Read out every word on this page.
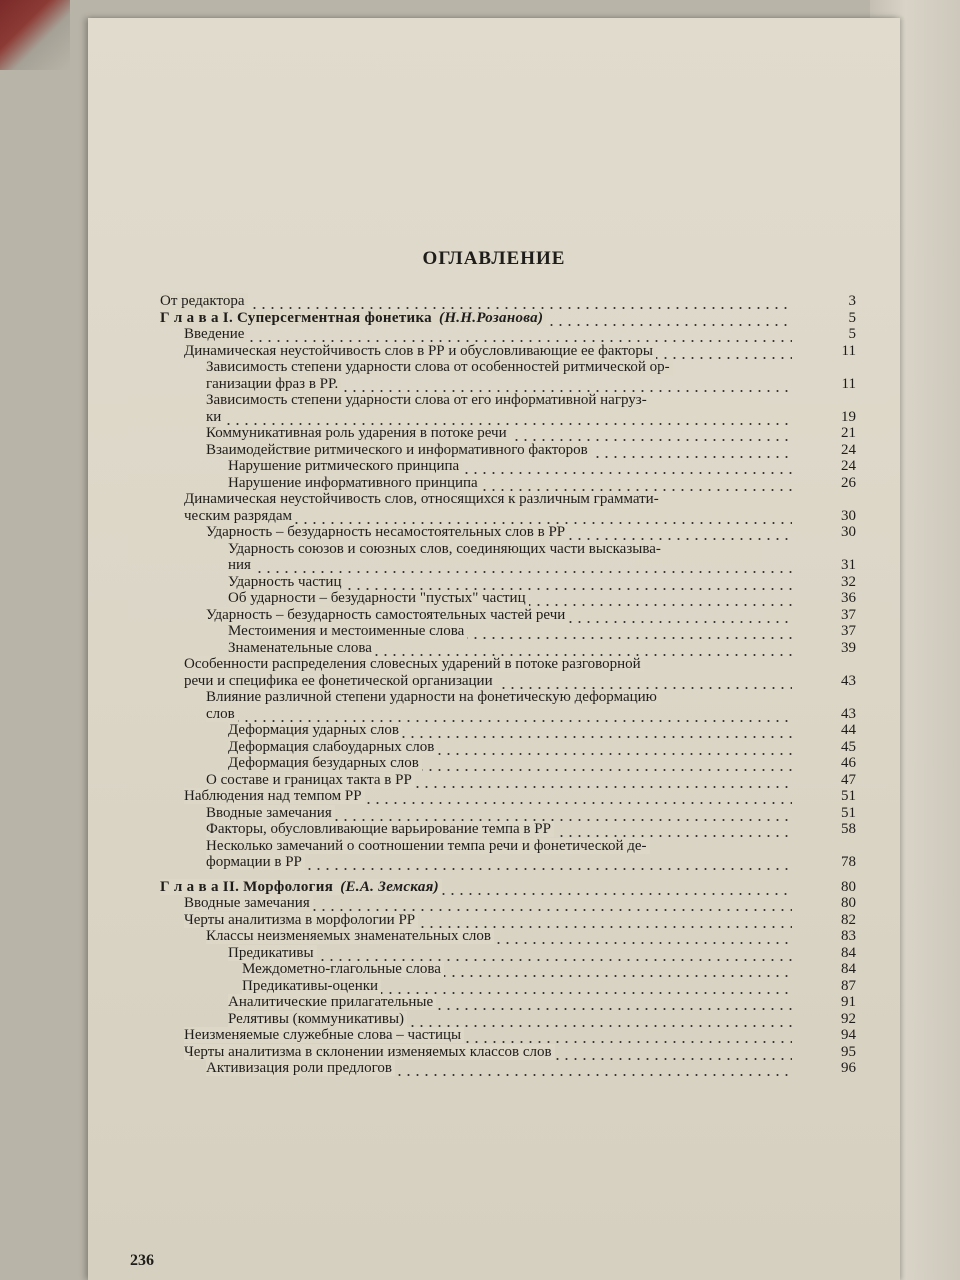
ОГЛАВЛЕНИЕ
От редактора	3
Г л а в а I. Суперсегментная фонетика (Н.Н.Розанова)	5
Введение	5
Динамическая неустойчивость слов в РР и обусловливающие ее факторы	11
Зависимость степени ударности слова от особенностей ритмической ор-
ганизации фраз в РР.	11
Зависимость степени ударности слова от его информативной нагруз-
ки	19
Коммуникативная роль ударения в потоке речи	21
Взаимодействие ритмического и информативного факторов	24
Нарушение ритмического принципа	24
Нарушение информативного принципа	26
Динамическая неустойчивость слов, относящихся к различным граммати-
ческим разрядам	30
Ударность – безударность несамостоятельных слов в РР	30
Ударность союзов и союзных слов, соединяющих части высказыва-
ния	31
Ударность частиц	32
Об ударности – безударности "пустых" частиц	36
Ударность – безударность самостоятельных частей речи	37
Местоимения и местоименные слова	37
Знаменательные слова	39
Особенности распределения словесных ударений в потоке разговорной
речи и специфика ее фонетической организации	43
Влияние различной степени ударности на фонетическую деформацию
слов	43
Деформация ударных слов	44
Деформация слабоударных слов	45
Деформация безударных слов	46
О составе и границах такта в РР	47
Наблюдения над темпом РР	51
Вводные замечания	51
Факторы, обусловливающие варьирование темпа в РР	58
Несколько замечаний о соотношении темпа речи и фонетической де-
формации в РР	78
Г л а в а II. Морфология (Е.А. Земская)	80
Вводные замечания	80
Черты аналитизма в морфологии РР	82
Классы неизменяемых знаменательных слов	83
Предикативы	84
Междометно-глагольные слова	84
Предикативы-оценки	87
Аналитические прилагательные	91
Релятивы (коммуникативы)	92
Неизменяемые служебные слова – частицы	94
Черты аналитизма в склонении изменяемых классов слов	95
Активизация роли предлогов	96
236
